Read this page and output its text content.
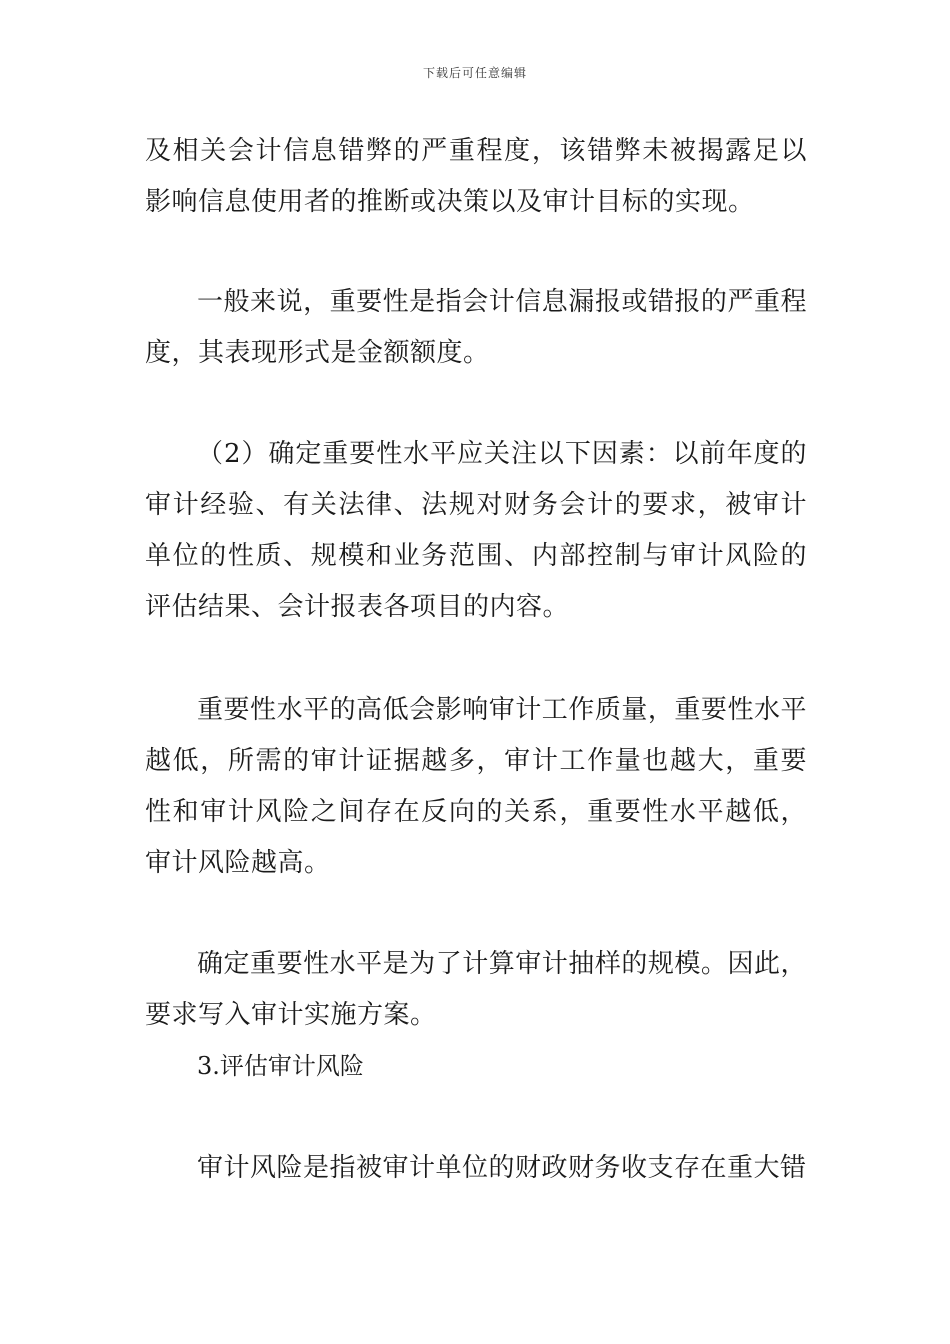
下载后可任意编辑

及相关会计信息错弊的严重程度，该错弊未被揭露足以影响信息使用者的推断或决策以及审计目标的实现。

一般来说，重要性是指会计信息漏报或错报的严重程度，其表现形式是金额额度。

（2）确定重要性水平应关注以下因素：以前年度的审计经验、有关法律、法规对财务会计的要求，被审计单位的性质、规模和业务范围、内部控制与审计风险的评估结果、会计报表各项目的内容。

重要性水平的高低会影响审计工作质量，重要性水平越低，所需的审计证据越多，审计工作量也越大，重要性和审计风险之间存在反向的关系，重要性水平越低，审计风险越高。

确定重要性水平是为了计算审计抽样的规模。因此，要求写入审计实施方案。

3.评估审计风险

审计风险是指被审计单位的财政财务收支存在重大错
